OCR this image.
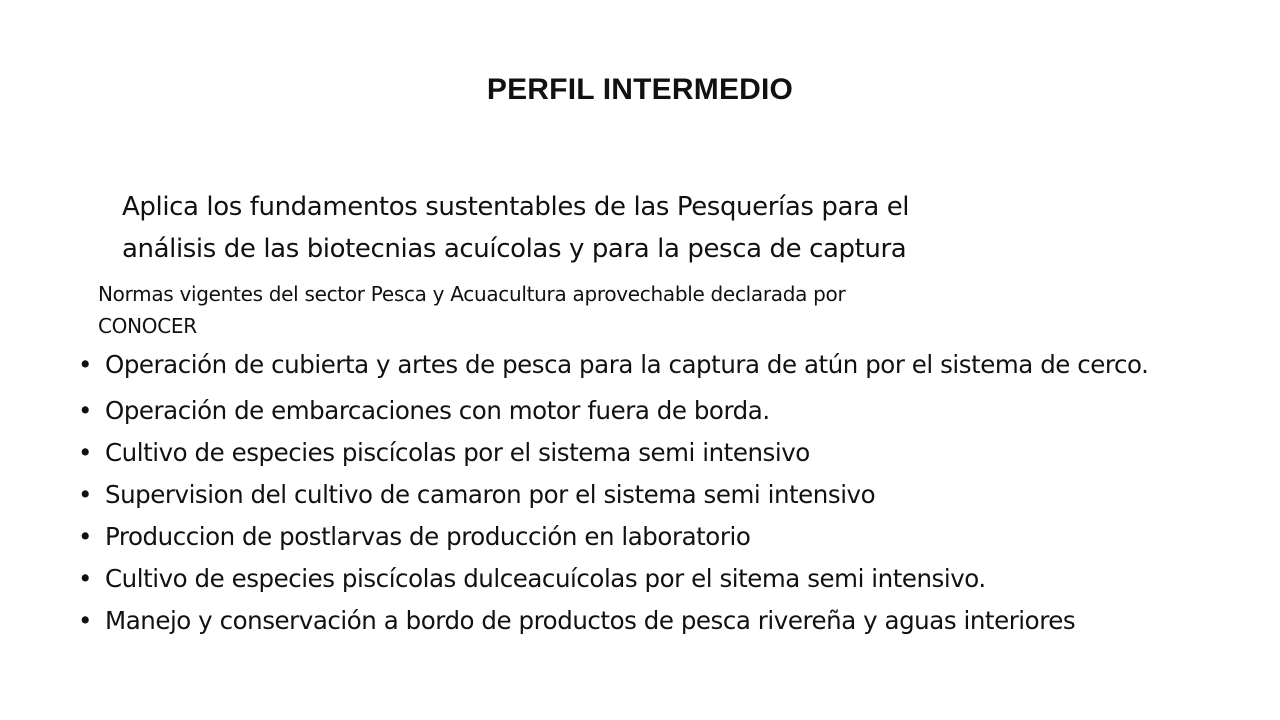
PERFIL INTERMEDIO
Aplica los fundamentos sustentables de las Pesquerías para el
análisis de las biotecnias acuícolas y para la pesca de captura
Normas vigentes del sector Pesca y Acuacultura aprovechable declarada por
CONOCER
• Operación de cubierta y artes de pesca para la captura de atún por el sistema de cerco.
• Operación de embarcaciones con motor fuera de borda.
• Cultivo de especies piscícolas por el sistema semi intensivo
• Supervision del cultivo de camaron por el sistema semi intensivo
• Produccion de postlarvas de producción en laboratorio
• Cultivo de especies piscícolas dulceacuícolas por el sitema semi intensivo.
• Manejo y conservación a bordo de productos de pesca rivereña y aguas interiores
